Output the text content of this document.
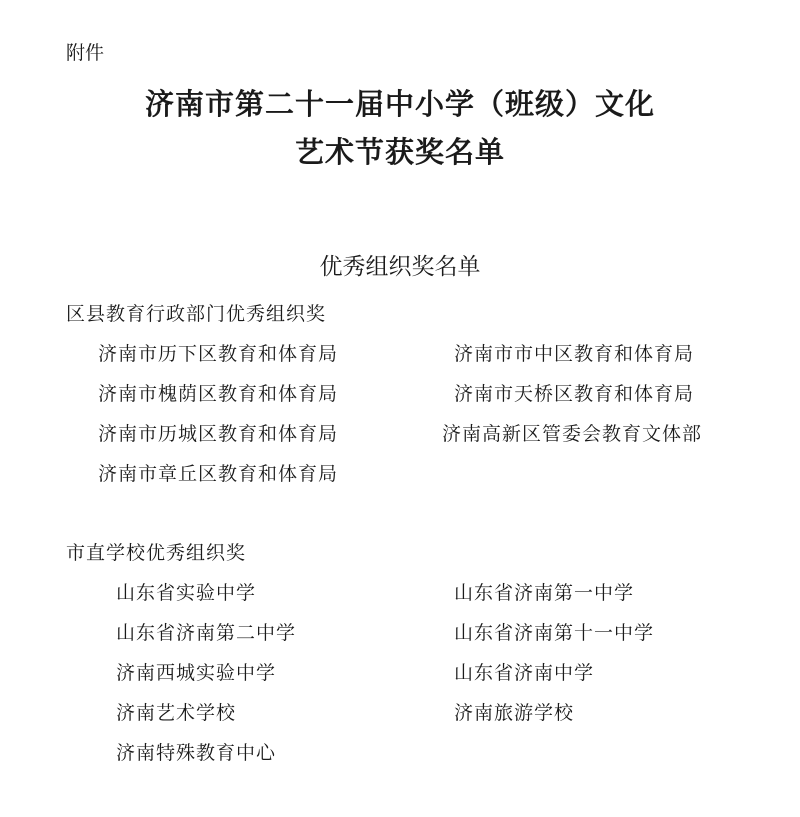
附件
济南市第二十一届中小学（班级）文化
艺术节获奖名单
优秀组织奖名单
区县教育行政部门优秀组织奖
济南市历下区教育和体育局
济南市槐荫区教育和体育局
济南市历城区教育和体育局
济南市章丘区教育和体育局
济南市市中区教育和体育局
济南市天桥区教育和体育局
济南高新区管委会教育文体部
市直学校优秀组织奖
山东省实验中学
山东省济南第二中学
济南西城实验中学
济南艺术学校
济南特殊教育中心
山东省济南第一中学
山东省济南第十一中学
山东省济南中学
济南旅游学校
